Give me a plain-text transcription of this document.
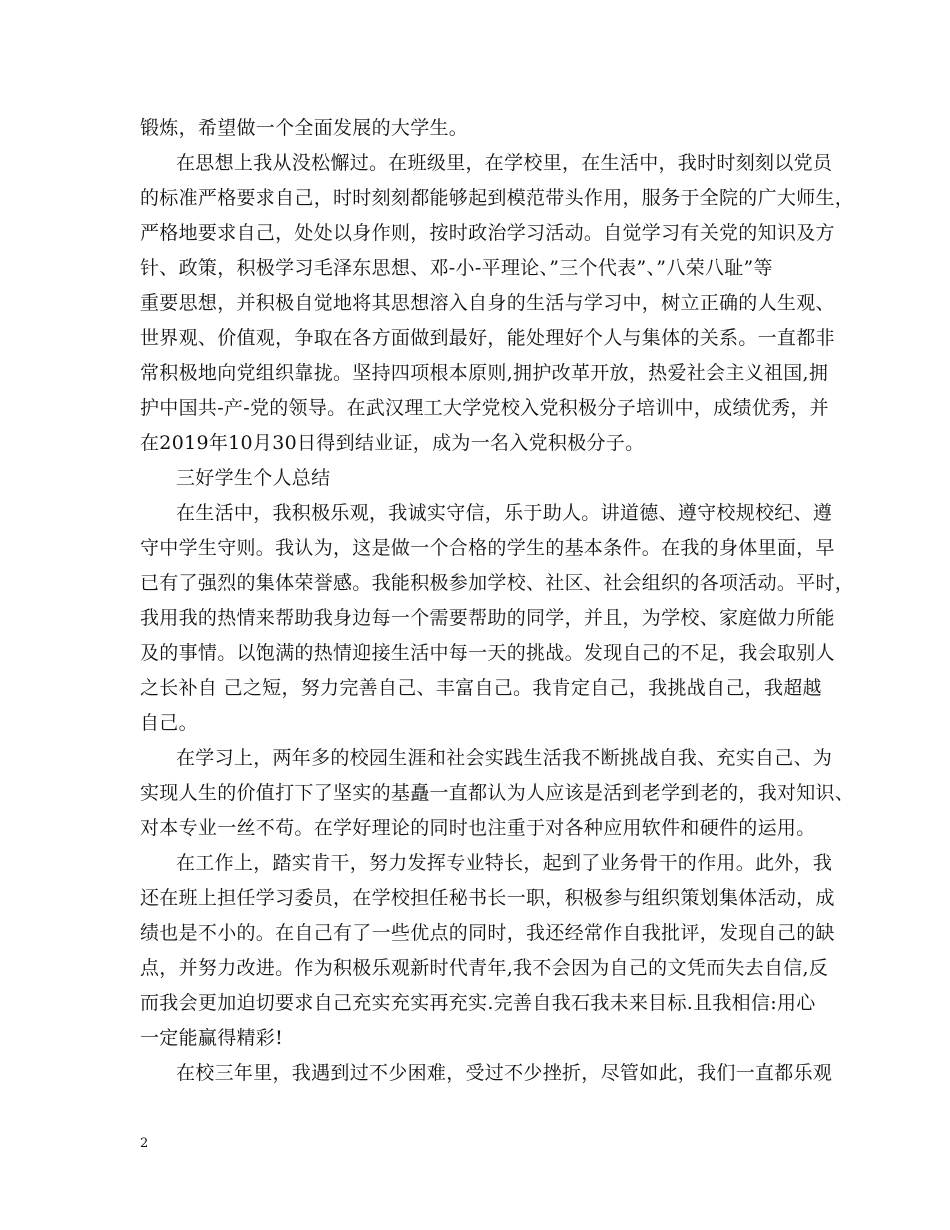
锻炼，希望做一个全面发展的大学生。
在思想上我从没松懈过。在班级里，在学校里，在生活中，我时时刻刻以党员
的标准严格要求自己，时时刻刻都能够起到模范带头作用，服务于全院的广大师生，
严格地要求自己，处处以身作则，按时政治学习活动。自觉学习有关党的知识及方
针、政策，积极学习毛泽东思想、邓-小-平理论、”三个代表”、”八荣八耻”等
重要思想，并积极自觉地将其思想溶入自身的生活与学习中，树立正确的人生观、
世界观、价值观，争取在各方面做到最好，能处理好个人与集体的关系。一直都非
常积极地向党组织靠拢。坚持四项根本原则,拥护改革开放，热爱社会主义祖国,拥
护中国共-产-党的领导。在武汉理工大学党校入党积极分子培训中，成绩优秀，并
在2019年10月30日得到结业证，成为一名入党积极分子。
三好学生个人总结
在生活中，我积极乐观，我诚实守信，乐于助人。讲道德、遵守校规校纪、遵
守中学生守则。我认为，这是做一个合格的学生的基本条件。在我的身体里面，早
已有了强烈的集体荣誉感。我能积极参加学校、社区、社会组织的各项活动。平时，
我用我的热情来帮助我身边每一个需要帮助的同学，并且，为学校、家庭做力所能
及的事情。以饱满的热情迎接生活中每一天的挑战。发现自己的不足，我会取别人
之长补自 己之短，努力完善自己、丰富自己。我肯定自己，我挑战自己，我超越
自己。
在学习上，两年多的校园生涯和社会实践生活我不断挑战自我、充实自己、为
实现人生的价值打下了坚实的基矗一直都认为人应该是活到老学到老的，我对知识、
对本专业一丝不苟。在学好理论的同时也注重于对各种应用软件和硬件的运用。
在工作上，踏实肯干，努力发挥专业特长，起到了业务骨干的作用。此外，我
还在班上担任学习委员，在学校担任秘书长一职，积极参与组织策划集体活动，成
绩也是不小的。在自己有了一些优点的同时，我还经常作自我批评，发现自己的缺
点，并努力改进。作为积极乐观新时代青年,我不会因为自己的文凭而失去自信,反
而我会更加迫切要求自己充实充实再充实.完善自我石我未来目标.且我相信:用心
一定能赢得精彩!
在校三年里，我遇到过不少困难，受过不少挫折，尽管如此，我们一直都乐观
2
